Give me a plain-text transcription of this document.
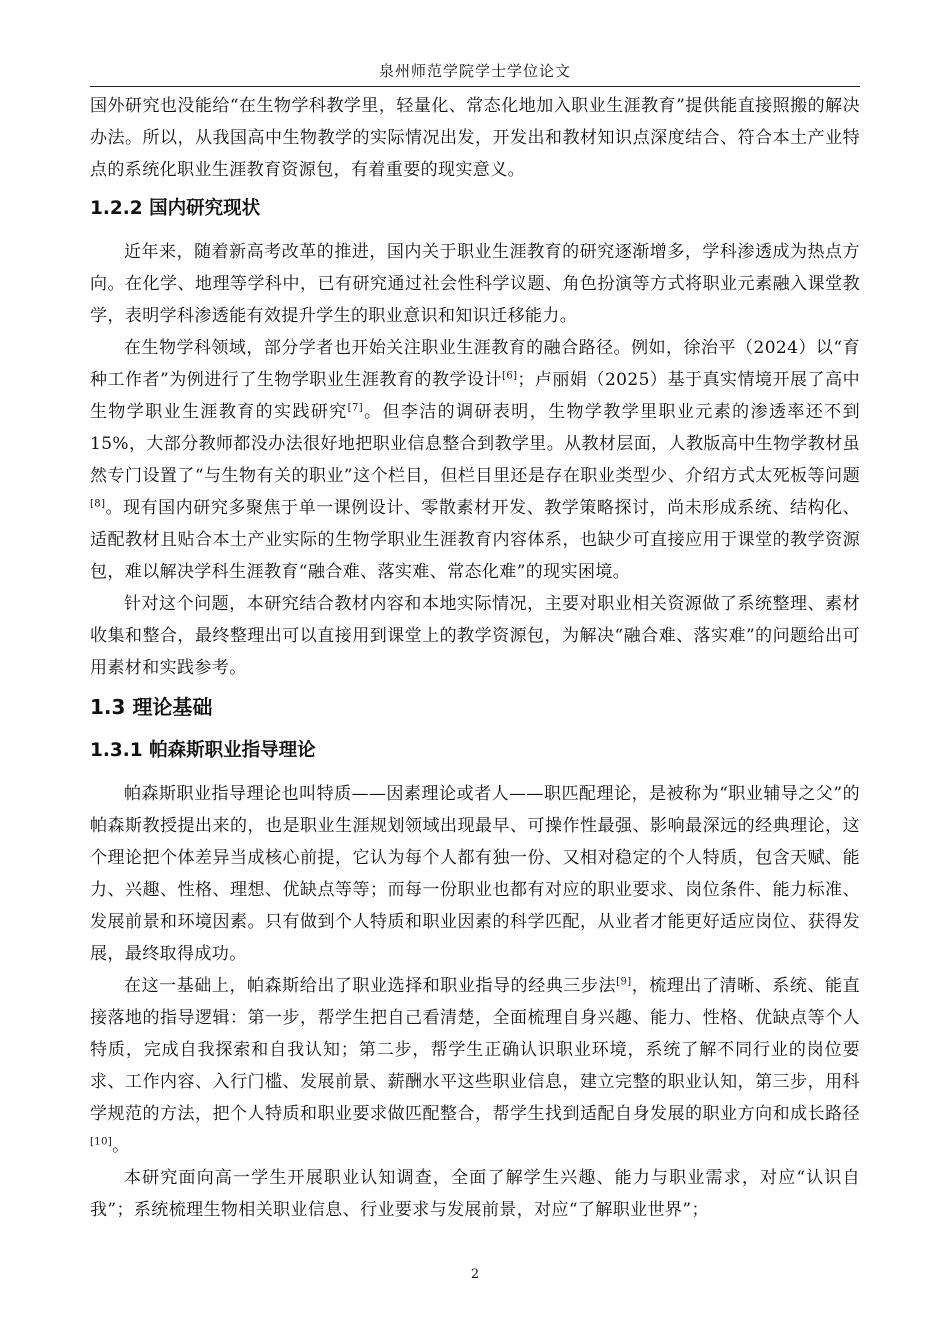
泉州师范学院学士学位论文

国外研究也没能给“在生物学科教学里，轻量化、常态化地加入职业生涯教育”提供能直接照搬的解决办法。所以，从我国高中生物教学的实际情况出发，开发出和教材知识点深度结合、符合本土产业特点的系统化职业生涯教育资源包，有着重要的现实意义。

1.2.2 国内研究现状

近年来，随着新高考改革的推进，国内关于职业生涯教育的研究逐渐增多，学科渗透成为热点方向。在化学、地理等学科中，已有研究通过社会性科学议题、角色扮演等方式将职业元素融入课堂教学，表明学科渗透能有效提升学生的职业意识和知识迁移能力。

在生物学科领域，部分学者也开始关注职业生涯教育的融合路径。例如，徐治平（2024）以“育种工作者”为例进行了生物学职业生涯教育的教学设计[6]；卢丽娟（2025）基于真实情境开展了高中生物学职业生涯教育的实践研究[7]。但李洁的调研表明，生物学教学里职业元素的渗透率还不到 15%，大部分教师都没办法很好地把职业信息整合到教学里。从教材层面，人教版高中生物学教材虽然专门设置了“与生物有关的职业”这个栏目，但栏目里还是存在职业类型少、介绍方式太死板等问题[8]。现有国内研究多聚焦于单一课例设计、零散素材开发、教学策略探讨，尚未形成系统、结构化、适配教材且贴合本土产业实际的生物学职业生涯教育内容体系，也缺少可直接应用于课堂的教学资源包，难以解决学科生涯教育“融合难、落实难、常态化难”的现实困境。

针对这个问题，本研究结合教材内容和本地实际情况，主要对职业相关资源做了系统整理、素材收集和整合，最终整理出可以直接用到课堂上的教学资源包，为解决“融合难、落实难”的问题给出可用素材和实践参考。

1.3 理论基础
1.3.1 帕森斯职业指导理论

帕森斯职业指导理论也叫特质——因素理论或者人——职匹配理论，是被称为“职业辅导之父”的帕森斯教授提出来的，也是职业生涯规划领域出现最早、可操作性最强、影响最深远的经典理论，这个理论把个体差异当成核心前提，它认为每个人都有独一份、又相对稳定的个人特质，包含天赋、能力、兴趣、性格、理想、优缺点等等；而每一份职业也都有对应的职业要求、岗位条件、能力标准、发展前景和环境因素。只有做到个人特质和职业因素的科学匹配，从业者才能更好适应岗位、获得发展，最终取得成功。

在这一基础上，帕森斯给出了职业选择和职业指导的经典三步法[9]，梳理出了清晰、系统、能直接落地的指导逻辑：第一步，帮学生把自己看清楚，全面梳理自身兴趣、能力、性格、优缺点等个人特质，完成自我探索和自我认知；第二步，帮学生正确认识职业环境，系统了解不同行业的岗位要求、工作内容、入行门槛、发展前景、薪酬水平这些职业信息，建立完整的职业认知，第三步，用科学规范的方法，把个人特质和职业要求做匹配整合，帮学生找到适配自身发展的职业方向和成长路径[10]。

本研究面向高一学生开展职业认知调查，全面了解学生兴趣、能力与职业需求，对应“认识自我”；系统梳理生物相关职业信息、行业要求与发展前景，对应“了解职业世界”；

2
